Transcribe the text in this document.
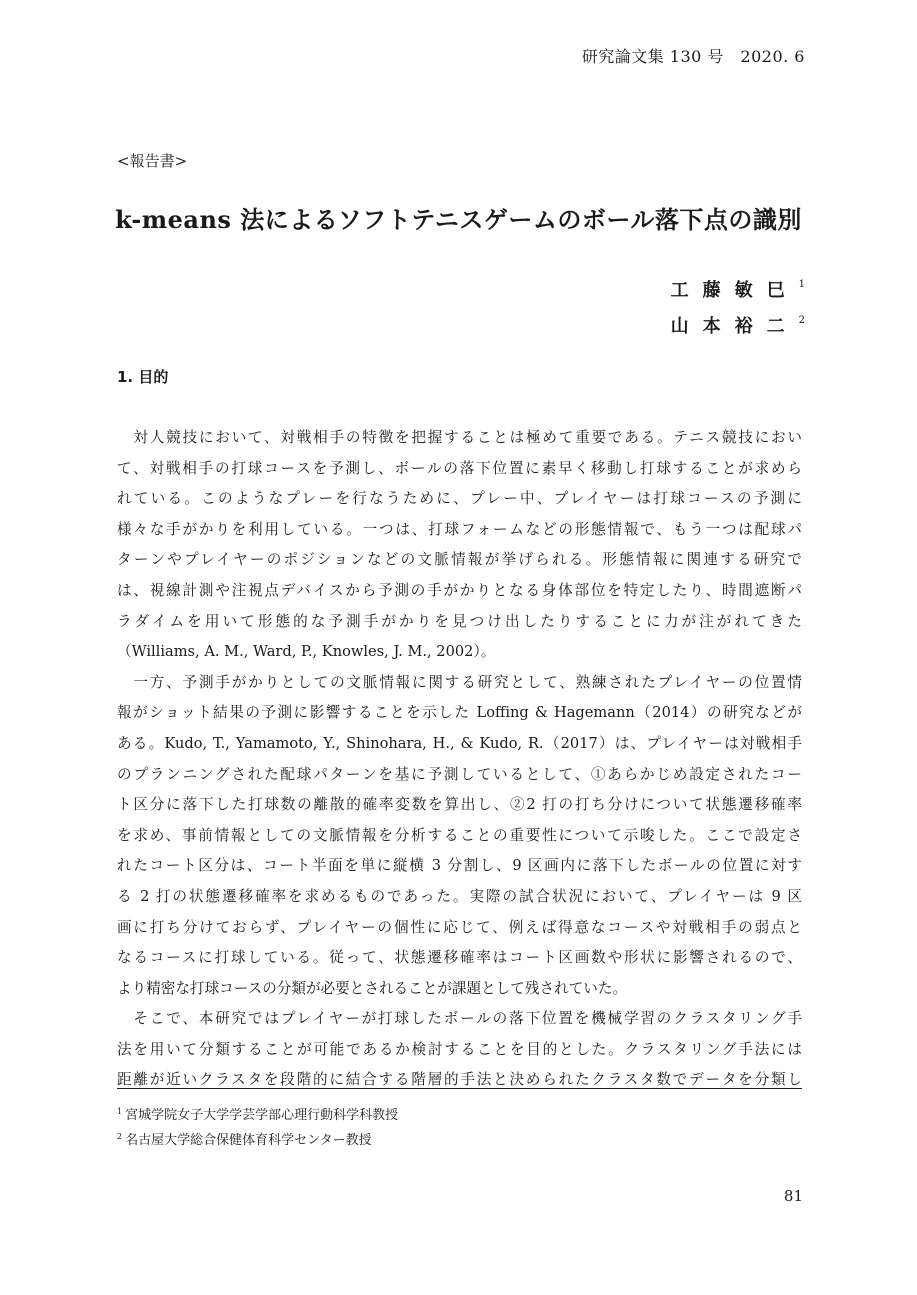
研究論文集 130 号　2020. 6
<報告書>
k-means 法によるソフトテニスゲームのボール落下点の識別
工藤敏巳$^1$
山本裕二$^2$
1. 目的
　対人競技において、対戦相手の特徴を把握することは極めて重要である。テニス競技におい
て、対戦相手の打球コースを予測し、ボールの落下位置に素早く移動し打球することが求めら
れている。このようなプレーを行なうために、プレー中、プレイヤーは打球コースの予測に
様々な手がかりを利用している。一つは、打球フォームなどの形態情報で、もう一つは配球パ
ターンやプレイヤーのポジションなどの文脈情報が挙げられる。形態情報に関連する研究で
は、視線計測や注視点デバイスから予測の手がかりとなる身体部位を特定したり、時間遮断パ
ラダイムを用いて形態的な予測手がかりを見つけ出したりすることに力が注がれてきた
（Williams, A. M., Ward, P., Knowles, J. M., 2002）。
　一方、予測手がかりとしての文脈情報に関する研究として、熟練されたプレイヤーの位置情
報がショット結果の予測に影響することを示した Loffing & Hagemann（2014）の研究などが
ある。Kudo, T., Yamamoto, Y., Shinohara, H., & Kudo, R.（2017）は、プレイヤーは対戦相手
のプランニングされた配球パターンを基に予測しているとして、①あらかじめ設定されたコー
ト区分に落下した打球数の離散的確率変数を算出し、②2 打の打ち分けについて状態遷移確率
を求め、事前情報としての文脈情報を分析することの重要性について示唆した。ここで設定さ
れたコート区分は、コート半面を単に縦横 3 分割し、9 区画内に落下したボールの位置に対す
る 2 打の状態遷移確率を求めるものであった。実際の試合状況において、プレイヤーは 9 区
画に打ち分けておらず、プレイヤーの個性に応じて、例えば得意なコースや対戦相手の弱点と
なるコースに打球している。従って、状態遷移確率はコート区画数や形状に影響されるので、
より精密な打球コースの分類が必要とされることが課題として残されていた。
　そこで、本研究ではプレイヤーが打球したボールの落下位置を機械学習のクラスタリング手
法を用いて分類することが可能であるか検討することを目的とした。クラスタリング手法には
距離が近いクラスタを段階的に結合する階層的手法と決められたクラスタ数でデータを分類し
$^1$ 宮城学院女子大学学芸学部心理行動科学科教授
$^2$ 名古屋大学総合保健体育科学センター教授
81
